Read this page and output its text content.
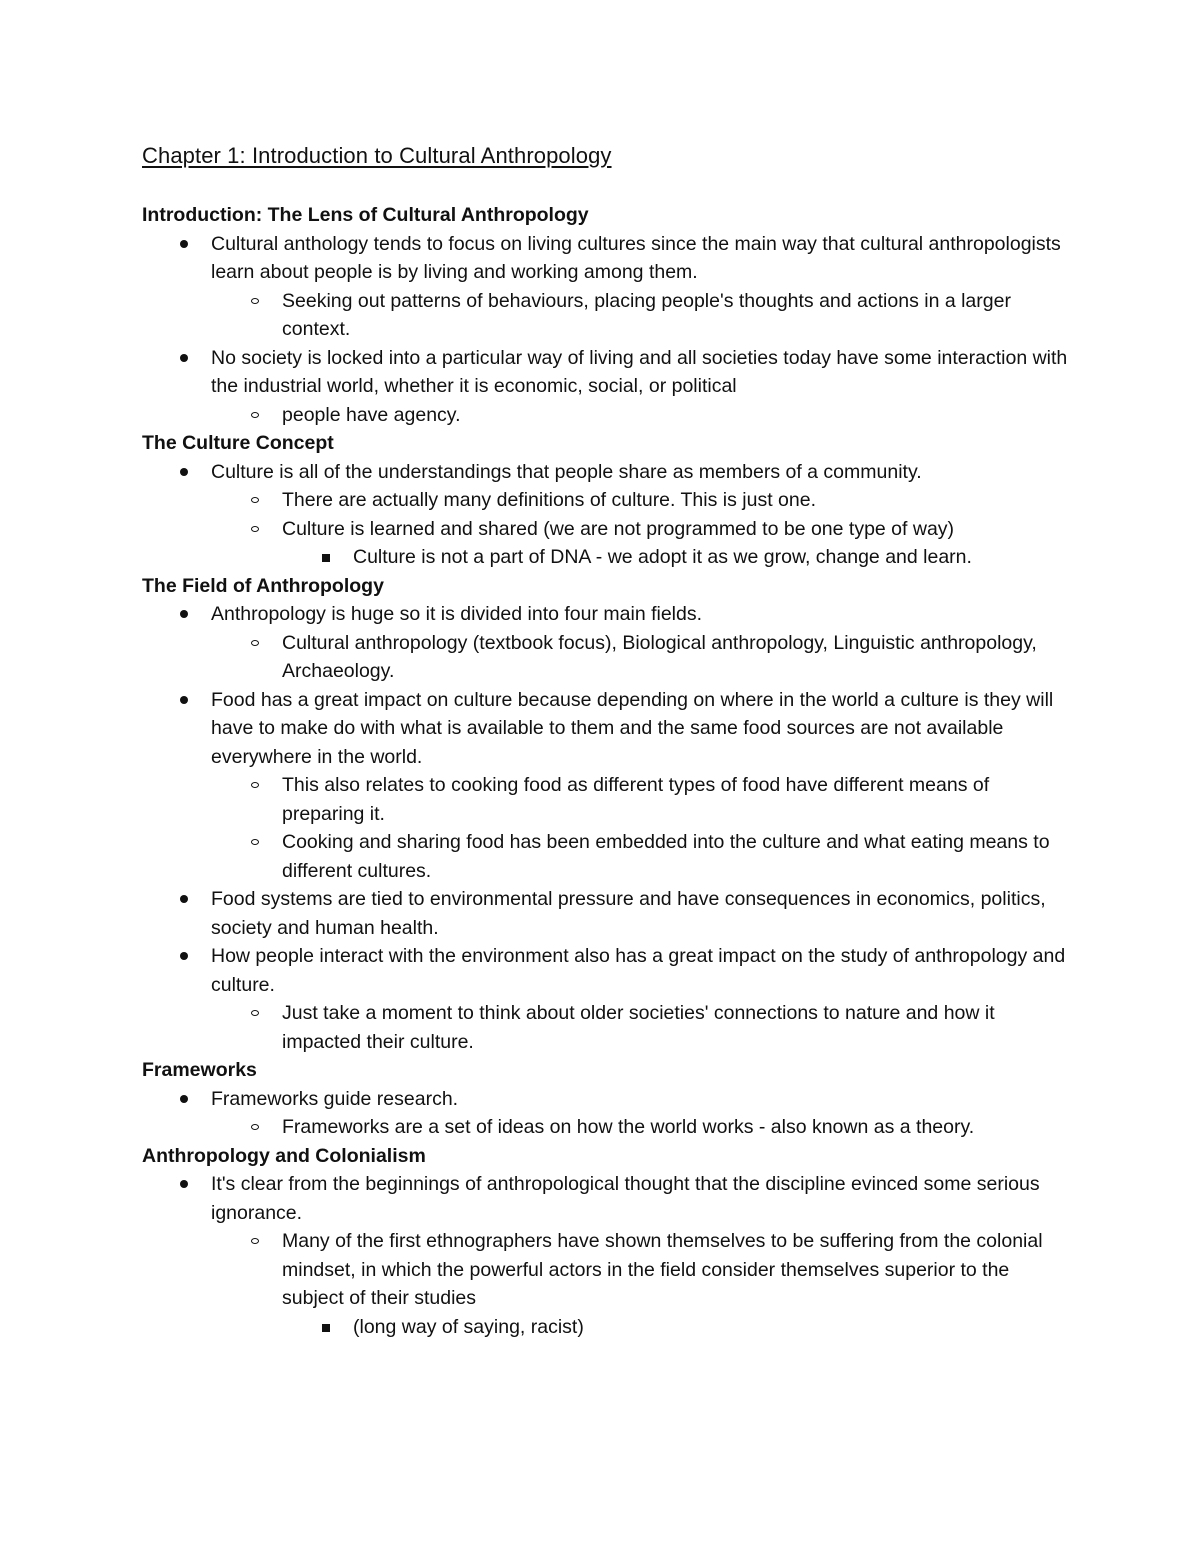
Chapter 1: Introduction to Cultural Anthropology
Introduction: The Lens of Cultural Anthropology
Cultural anthology tends to focus on living cultures since the main way that cultural anthropologists learn about people is by living and working among them.
Seeking out patterns of behaviours, placing people's thoughts and actions in a larger context.
No society is locked into a particular way of living and all societies today have some interaction with the industrial world, whether it is economic, social, or political
people have agency.
The Culture Concept
Culture is all of the understandings that people share as members of a community.
There are actually many definitions of culture. This is just one.
Culture is learned and shared (we are not programmed to be one type of way)
Culture is not a part of DNA - we adopt it as we grow, change and learn.
The Field of Anthropology
Anthropology is huge so it is divided into four main fields.
Cultural anthropology (textbook focus), Biological anthropology, Linguistic anthropology, Archaeology.
Food has a great impact on culture because depending on where in the world a culture is they will have to make do with what is available to them and the same food sources are not available everywhere in the world.
This also relates to cooking food as different types of food have different means of preparing it.
Cooking and sharing food has been embedded into the culture and what eating means to different cultures.
Food systems are tied to environmental pressure and have consequences in economics, politics, society and human health.
How people interact with the environment also has a great impact on the study of anthropology and culture.
Just take a moment to think about older societies' connections to nature and how it impacted their culture.
Frameworks
Frameworks guide research.
Frameworks are a set of ideas on how the world works - also known as a theory.
Anthropology and Colonialism
It's clear from the beginnings of anthropological thought that the discipline evinced some serious ignorance.
Many of the first ethnographers have shown themselves to be suffering from the colonial mindset, in which the powerful actors in the field consider themselves superior to the subject of their studies
(long way of saying, racist)
